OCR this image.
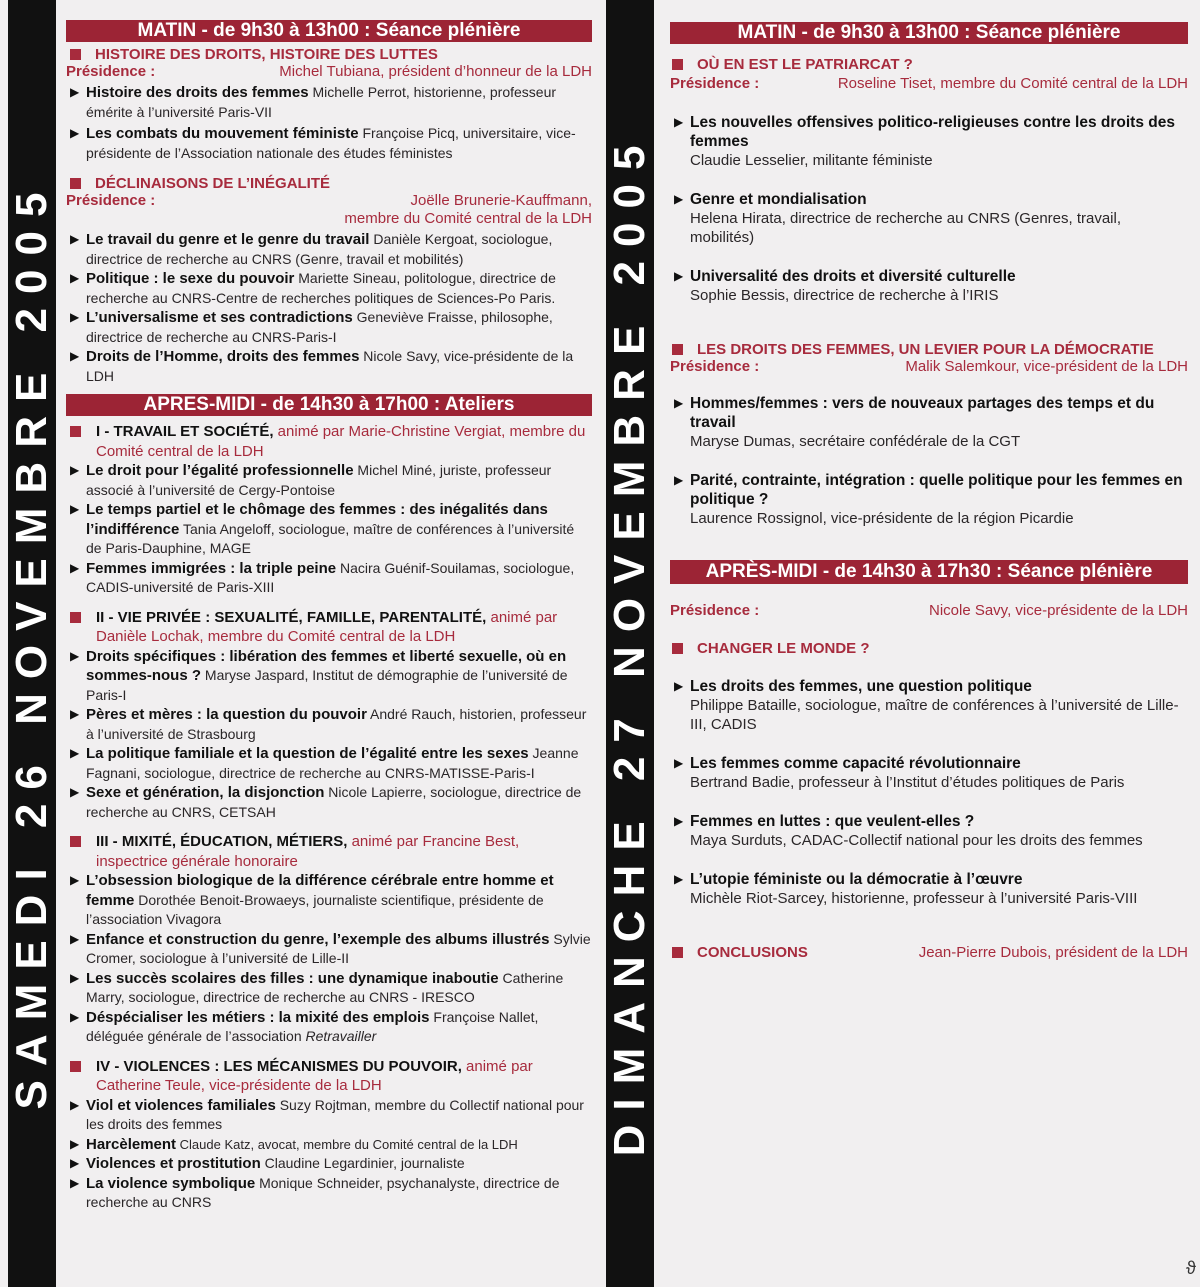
SAMEDI 26 NOVEMBRE 2005
MATIN - de 9h30 à 13h00 : Séance plénière
HISTOIRE DES DROITS, HISTOIRE DES LUTTES
Présidence :	Michel Tubiana, président d’honneur de la LDH
▶ Histoire des droits des femmes Michelle Perrot, historienne, professeur émérite à l’université Paris-VII
▶ Les combats du mouvement féministe Françoise Picq, universitaire, vice-présidente de l’Association nationale des études féministes
DÉCLINAISONS DE L’INÉGALITÉ
Présidence :	Joëlle Brunerie-Kauffmann,
membre du Comité central de la LDH
▶ Le travail du genre et le genre du travail Danièle Kergoat, sociologue, directrice de recherche au CNRS (Genre, travail et mobilités)
▶ Politique : le sexe du pouvoir Mariette Sineau, politologue, directrice de recherche au CNRS-Centre de recherches politiques de Sciences-Po Paris.
▶ L’universalisme et ses contradictions Geneviève Fraisse, philosophe, directrice de recherche au CNRS-Paris-I
▶ Droits de l’Homme, droits des femmes Nicole Savy, vice-présidente de la LDH
APRES-MIDI - de 14h30 à 17h00 : Ateliers
I - TRAVAIL ET SOCIÉTÉ, animé par Marie-Christine Vergiat, membre du Comité central de la LDH
▶ Le droit pour l’égalité professionnelle Michel Miné, juriste, professeur associé à l’université de Cergy-Pontoise
▶ Le temps partiel et le chômage des femmes : des inégalités dans l’indifférence Tania Angeloff, sociologue, maître de conférences à l’université de Paris-Dauphine, MAGE
▶ Femmes immigrées : la triple peine Nacira Guénif-Souilamas, sociologue, CADIS-université de Paris-XIII
II - VIE PRIVÉE : SEXUALITÉ, FAMILLE, PARENTALITÉ, animé par Danièle Lochak, membre du Comité central de la LDH
▶ Droits spécifiques : libération des femmes et liberté sexuelle, où en sommes-nous ? Maryse Jaspard, Institut de démographie de l’université de Paris-I
▶ Pères et mères : la question du pouvoir André Rauch, historien, professeur à l’université de Strasbourg
▶ La politique familiale et la question de l’égalité entre les sexes Jeanne Fagnani, sociologue, directrice de recherche au CNRS-MATISSE-Paris-I
▶ Sexe et génération, la disjonction Nicole Lapierre, sociologue, directrice de recherche au CNRS, CETSAH
III - MIXITÉ, ÉDUCATION, MÉTIERS, animé par Francine Best, inspectrice générale honoraire
▶ L’obsession biologique de la différence cérébrale entre homme et femme Dorothée Benoit-Browaeys, journaliste scientifique, présidente de l’association Vivagora
▶ Enfance et construction du genre, l’exemple des albums illustrés Sylvie Cromer, sociologue à l’université de Lille-II
▶ Les succès scolaires des filles : une dynamique inaboutie Catherine Marry, sociologue, directrice de recherche au CNRS - IRESCO
▶ Déspécialiser les métiers : la mixité des emplois Françoise Nallet, déléguée générale de l’association Retravailler
IV - VIOLENCES : LES MÉCANISMES DU POUVOIR, animé par Catherine Teule, vice-présidente de la LDH
▶ Viol et violences familiales Suzy Rojtman, membre du Collectif national pour les droits des femmes
▶ Harcèlement Claude Katz, avocat, membre du Comité central de la LDH
▶ Violences et prostitution Claudine Legardinier, journaliste
▶ La violence symbolique Monique Schneider, psychanalyste, directrice de recherche au CNRS
DIMANCHE 27 NOVEMBRE 2005
MATIN - de 9h30 à 13h00 : Séance plénière
OÙ EN EST LE PATRIARCAT ?
Présidence :	Roseline Tiset, membre du Comité central de la LDH
▶ Les nouvelles offensives politico-religieuses contre les droits des femmes
Claudie Lesselier, militante féministe
▶ Genre et mondialisation
Helena Hirata, directrice de recherche au CNRS (Genres, travail, mobilités)
▶ Universalité des droits et diversité culturelle
Sophie Bessis, directrice de recherche à l’IRIS
LES DROITS DES FEMMES, UN LEVIER POUR LA DÉMOCRATIE
Présidence :	Malik Salemkour, vice-président de la LDH
▶ Hommes/femmes : vers de nouveaux partages des temps et du travail
Maryse Dumas, secrétaire confédérale de la CGT
▶ Parité, contrainte, intégration : quelle politique pour les femmes en politique ?
Laurence Rossignol, vice-présidente de la région Picardie
APRÈS-MIDI - de 14h30 à 17h30 : Séance plénière
Présidence :	Nicole Savy, vice-présidente de la LDH
CHANGER LE MONDE ?
▶ Les droits des femmes, une question politique
Philippe Bataille, sociologue, maître de conférences à l’université de Lille-III, CADIS
▶ Les femmes comme capacité révolutionnaire
Bertrand Badie, professeur à l’Institut d’études politiques de Paris
▶ Femmes en luttes : que veulent-elles ?
Maya Surduts, CADAC-Collectif national pour les droits des femmes
▶ L’utopie féministe ou la démocratie à l’œuvre
Michèle Riot-Sarcey, historienne, professeur à l’université Paris-VIII
CONCLUSIONS	Jean-Pierre Dubois, président de la LDH
ϑ
